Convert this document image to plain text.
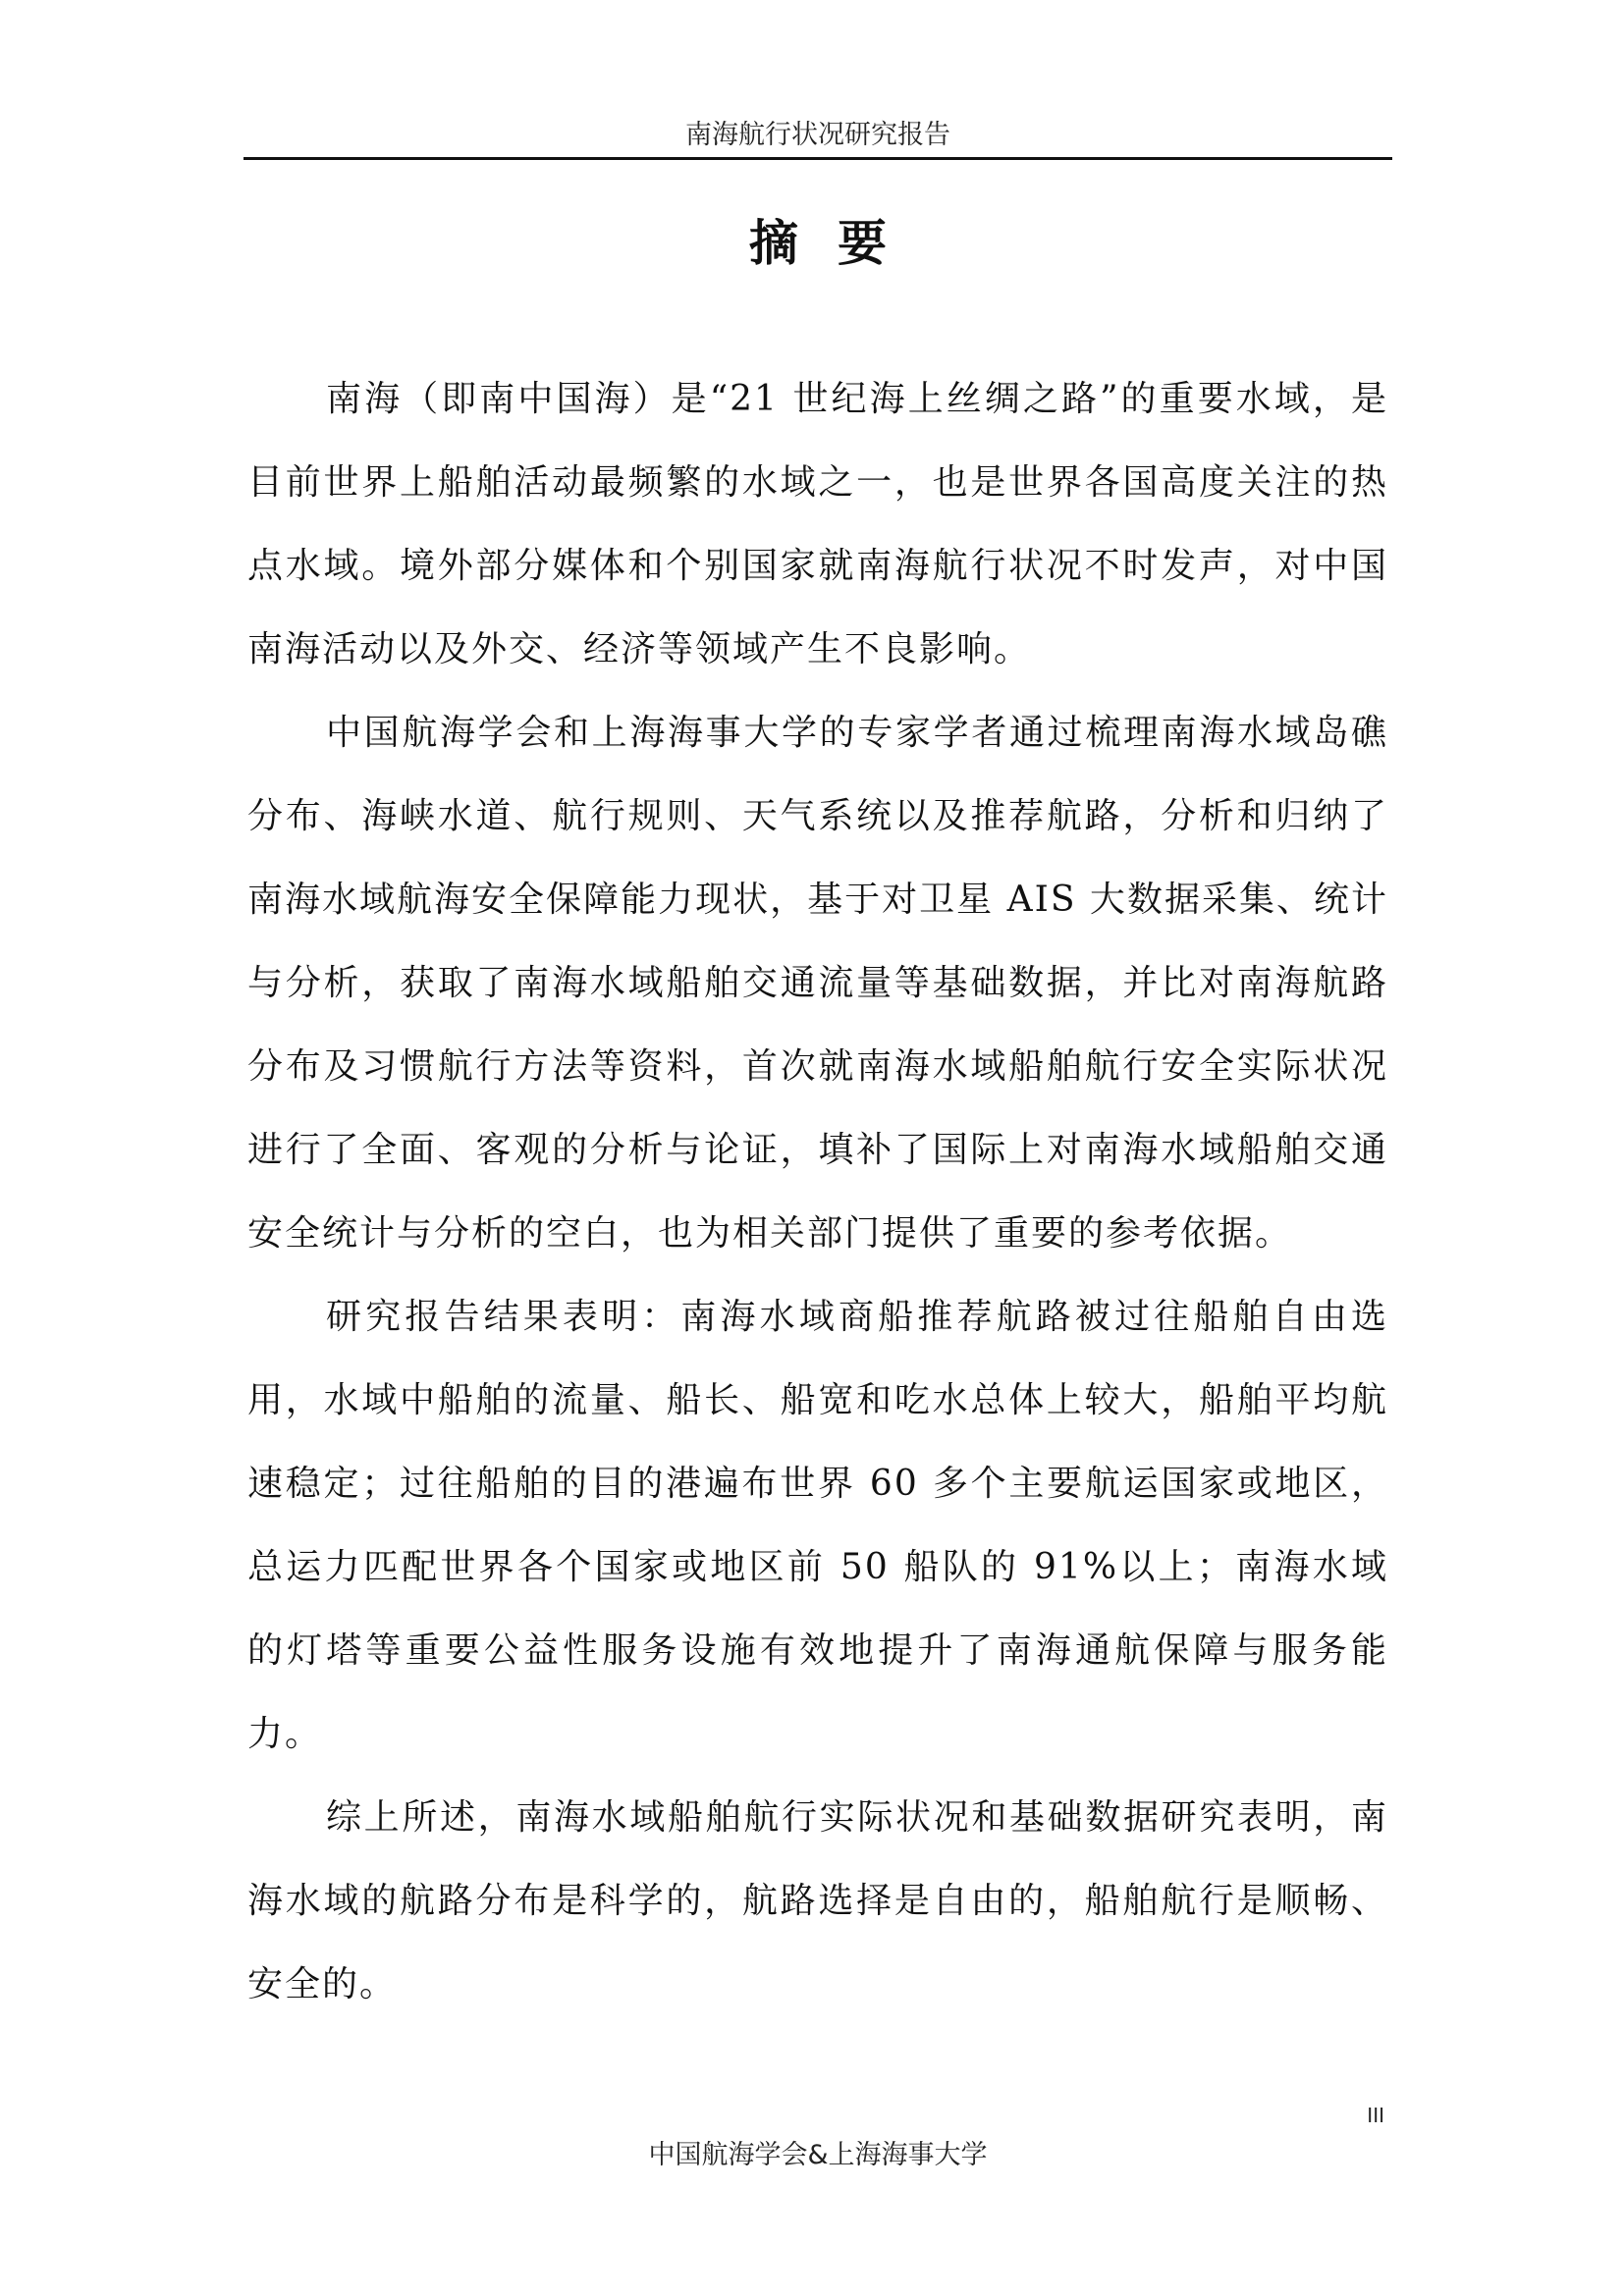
南海航行状况研究报告
摘要

南海（即南中国海）是“21 世纪海上丝绸之路”的重要水域，是目前世界上船舶活动最频繁的水域之一，也是世界各国高度关注的热点水域。境外部分媒体和个别国家就南海航行状况不时发声，对中国南海活动以及外交、经济等领域产生不良影响。

中国航海学会和上海海事大学的专家学者通过梳理南海水域岛礁分布、海峡水道、航行规则、天气系统以及推荐航路，分析和归纳了南海水域航海安全保障能力现状，基于对卫星 AIS 大数据采集、统计与分析，获取了南海水域船舶交通流量等基础数据，并比对南海航路分布及习惯航行方法等资料，首次就南海水域船舶航行安全实际状况进行了全面、客观的分析与论证，填补了国际上对南海水域船舶交通安全统计与分析的空白，也为相关部门提供了重要的参考依据。

研究报告结果表明：南海水域商船推荐航路被过往船舶自由选用，水域中船舶的流量、船长、船宽和吃水总体上较大，船舶平均航速稳定；过往船舶的目的港遍布世界 60 多个主要航运国家或地区，总运力匹配世界各个国家或地区前 50 船队的 91%以上；南海水域的灯塔等重要公益性服务设施有效地提升了南海通航保障与服务能力。

综上所述，南海水域船舶航行实际状况和基础数据研究表明，南海水域的航路分布是科学的，航路选择是自由的，船舶航行是顺畅、安全的。

III
中国航海学会&上海海事大学
